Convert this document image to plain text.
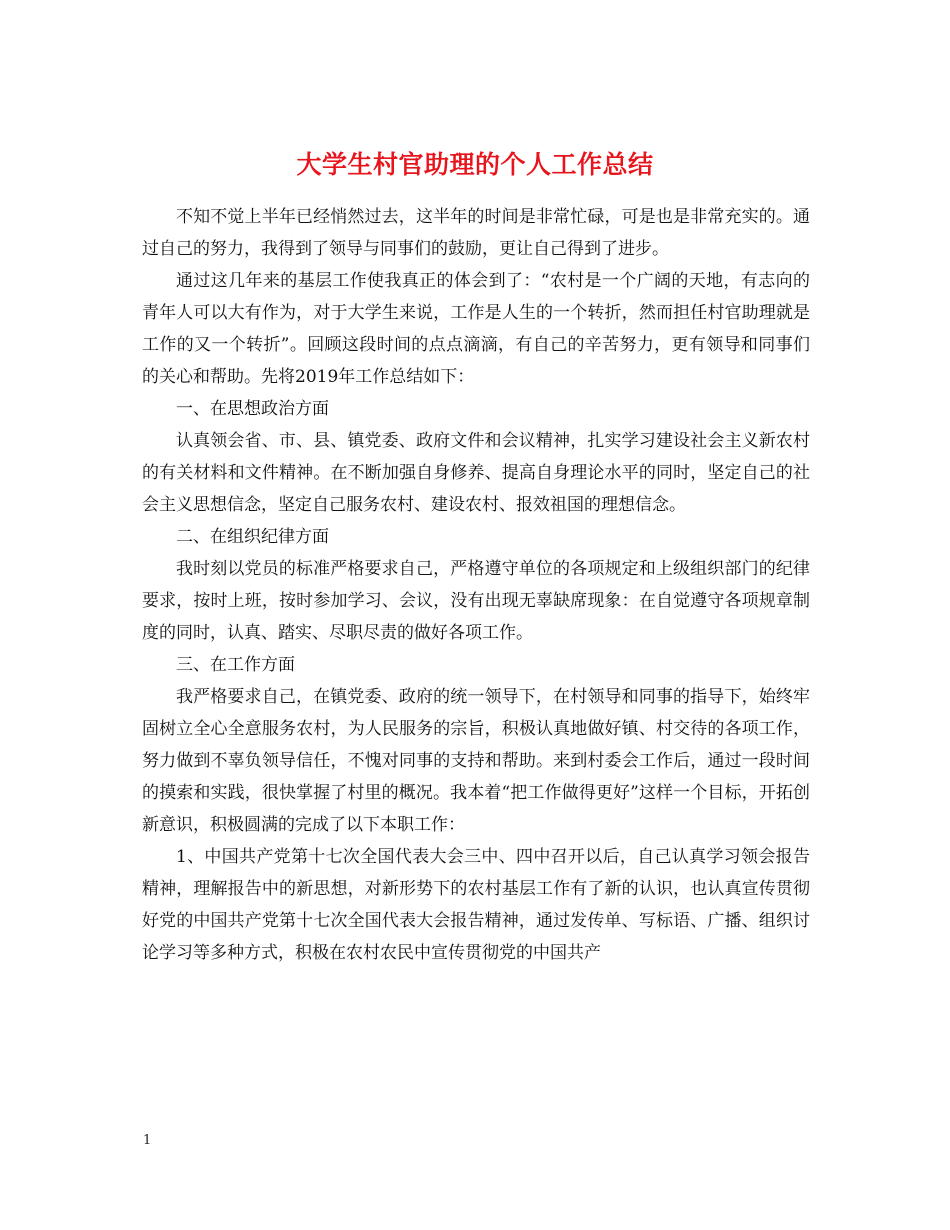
大学生村官助理的个人工作总结

不知不觉上半年已经悄然过去，这半年的时间是非常忙碌，可是也是非常充实的。通过自己的努力，我得到了领导与同事们的鼓励，更让自己得到了进步。

通过这几年来的基层工作使我真正的体会到了：“农村是一个广阔的天地，有志向的青年人可以大有作为，对于大学生来说，工作是人生的一个转折，然而担任村官助理就是工作的又一个转折”。回顾这段时间的点点滴滴，有自己的辛苦努力，更有领导和同事们的关心和帮助。先将2019年工作总结如下：

一、在思想政治方面

认真领会省、市、县、镇党委、政府文件和会议精神，扎实学习建设社会主义新农村的有关材料和文件精神。在不断加强自身修养、提高自身理论水平的同时，坚定自己的社会主义思想信念，坚定自己服务农村、建设农村、报效祖国的理想信念。

二、在组织纪律方面

我时刻以党员的标准严格要求自己，严格遵守单位的各项规定和上级组织部门的纪律要求，按时上班，按时参加学习、会议，没有出现无辜缺席现象：在自觉遵守各项规章制度的同时，认真、踏实、尽职尽责的做好各项工作。

三、在工作方面

我严格要求自己，在镇党委、政府的统一领导下，在村领导和同事的指导下，始终牢固树立全心全意服务农村，为人民服务的宗旨，积极认真地做好镇、村交待的各项工作，努力做到不辜负领导信任，不愧对同事的支持和帮助。来到村委会工作后，通过一段时间的摸索和实践，很快掌握了村里的概况。我本着“把工作做得更好”这样一个目标，开拓创新意识，积极圆满的完成了以下本职工作：

1、中国共产党第十七次全国代表大会三中、四中召开以后，自己认真学习领会报告精神，理解报告中的新思想，对新形势下的农村基层工作有了新的认识，也认真宣传贯彻好党的中国共产党第十七次全国代表大会报告精神，通过发传单、写标语、广播、组织讨论学习等多种方式，积极在农村农民中宣传贯彻党的中国共产

1
